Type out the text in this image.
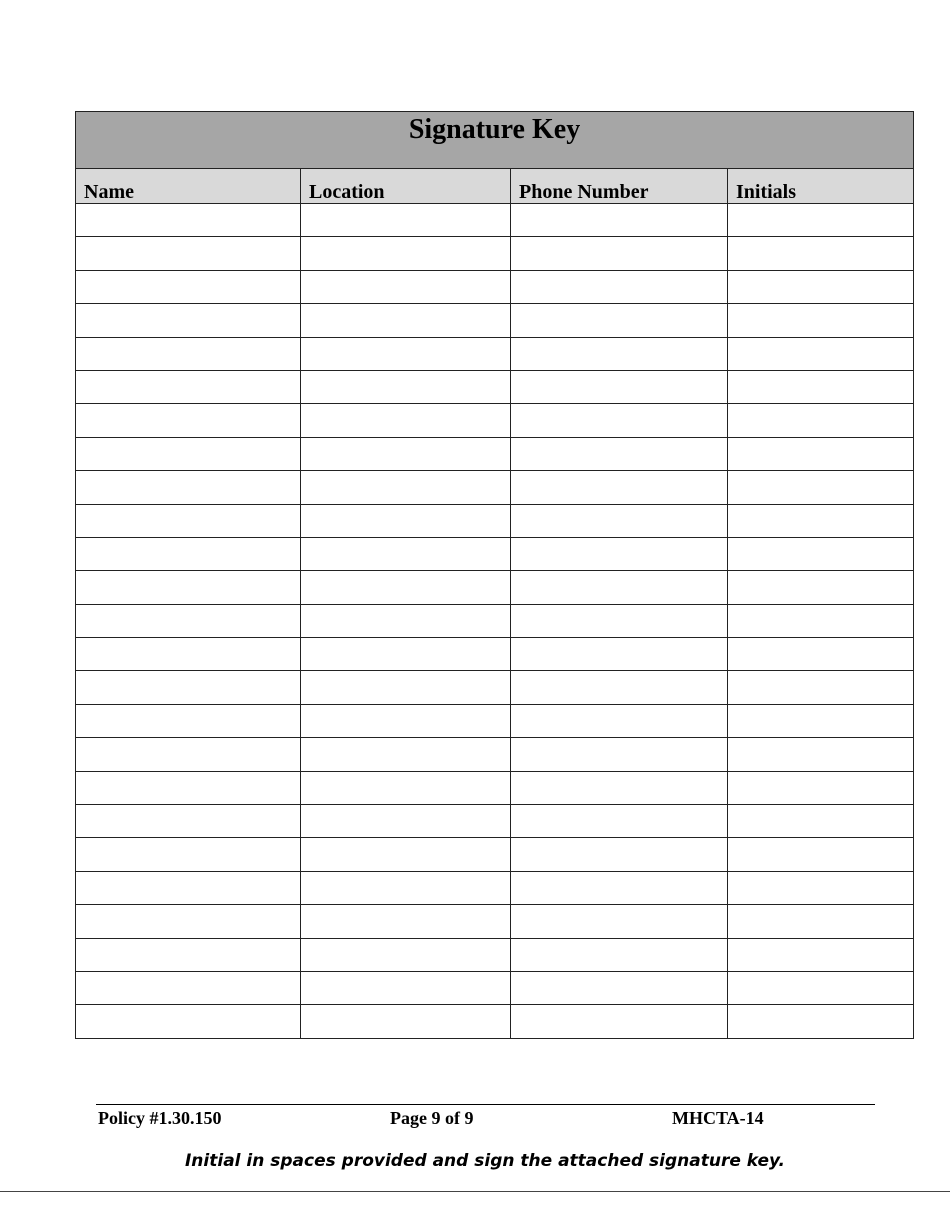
Signature Key			
Name	Location	Phone Number	Initials

Policy #1.30.150	Page 9 of 9	MHCTA-14
Initial in spaces provided and sign the attached signature key.
